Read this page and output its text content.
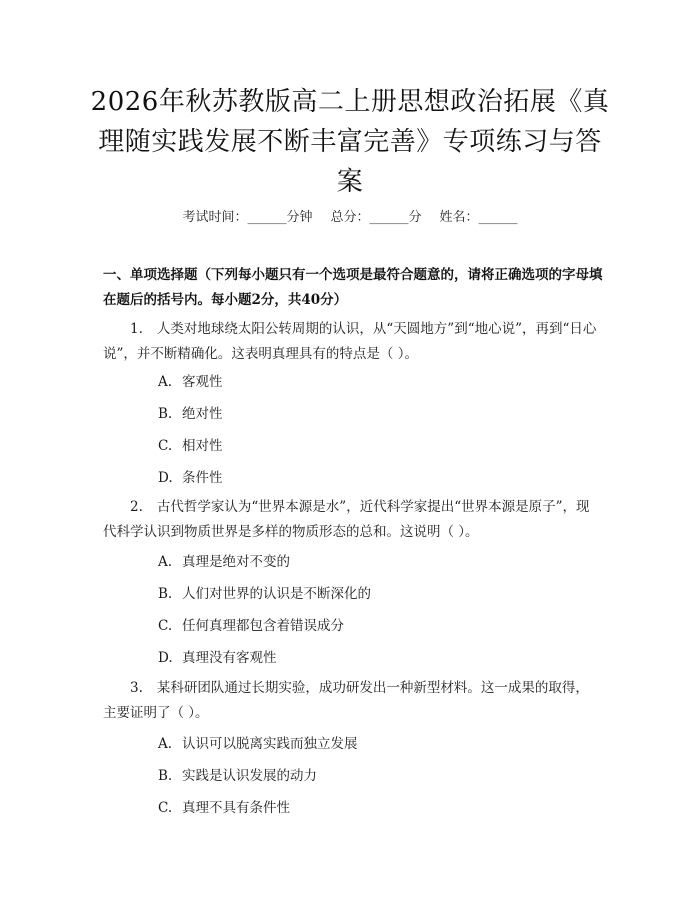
2026年秋苏教版高二上册思想政治拓展《真理随实践发展不断丰富完善》专项练习与答案
考试时间：______分钟 总分：______分 姓名：______
一、单项选择题（下列每小题只有一个选项是最符合题意的，请将正确选项的字母填在题后的括号内。每小题2分，共40分）
1. 人类对地球绕太阳公转周期的认识，从“天圆地方”到“地心说”，再到“日心说”，并不断精确化。这表明真理具有的特点是（ ）。
A. 客观性
B. 绝对性
C. 相对性
D. 条件性
2. 古代哲学家认为“世界本源是水”，近代科学家提出“世界本源是原子”，现代科学认识到物质世界是多样的物质形态的总和。这说明（ ）。
A. 真理是绝对不变的
B. 人们对世界的认识是不断深化的
C. 任何真理都包含着错误成分
D. 真理没有客观性
3. 某科研团队通过长期实验，成功研发出一种新型材料。这一成果的取得，主要证明了（ ）。
A. 认识可以脱离实践而独立发展
B. 实践是认识发展的动力
C. 真理不具有条件性
